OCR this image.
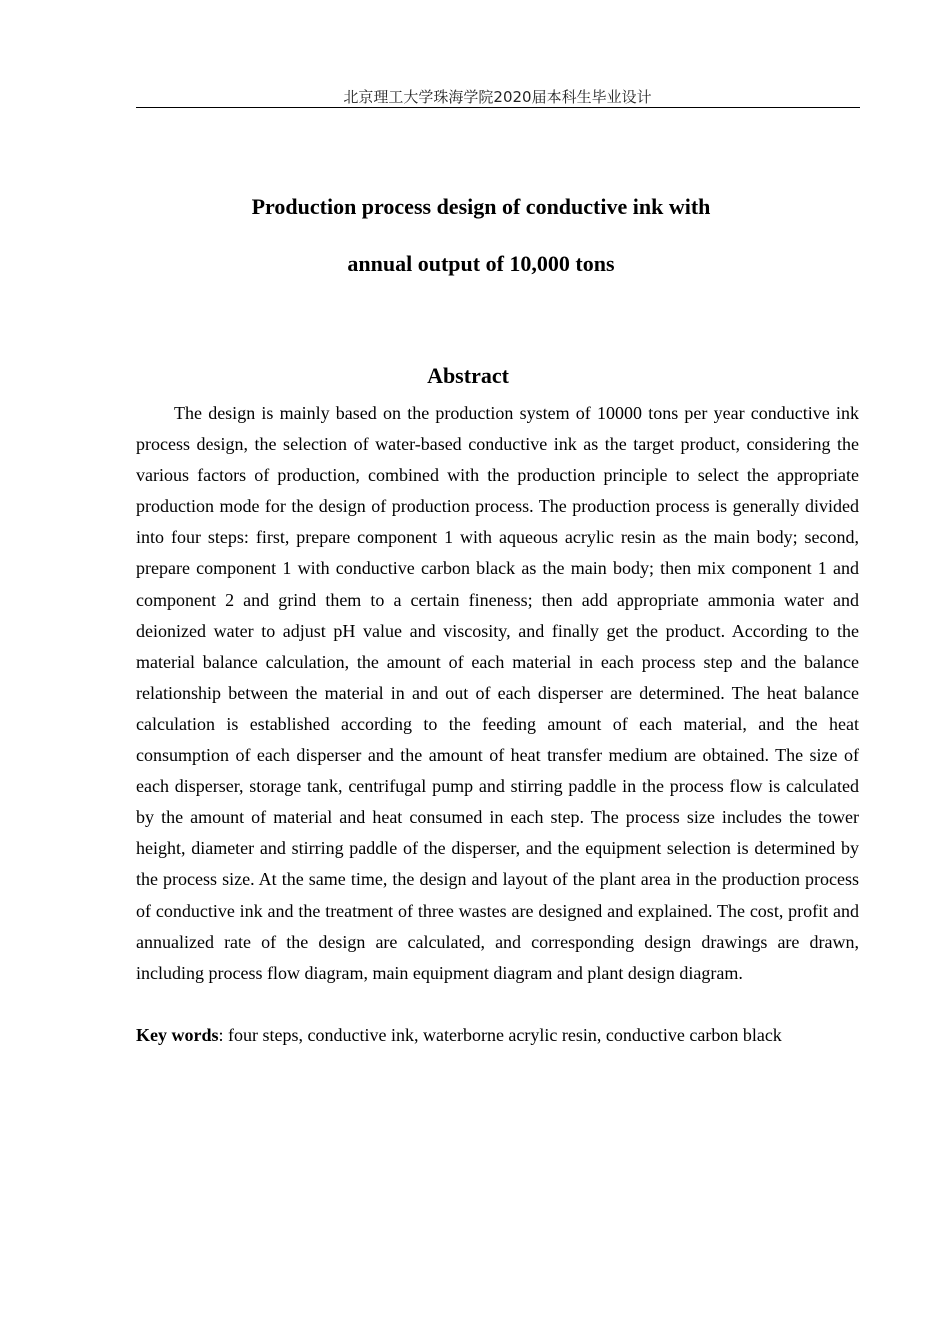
北京理工大学珠海学院2020届本科生毕业设计
Production process design of conductive ink with
annual output of 10,000 tons
Abstract

The design is mainly based on the production system of 10000 tons per year conductive ink process design, the selection of water-based conductive ink as the target product, considering the various factors of production, combined with the production principle to select the appropriate production mode for the design of production process. The production process is generally divided into four steps: first, prepare component 1 with aqueous acrylic resin as the main body; second, prepare component 1 with conductive carbon black as the main body; then mix component 1 and component 2 and grind them to a certain fineness; then add appropriate ammonia water and deionized water to adjust pH value and viscosity, and finally get the product. According to the material balance calculation, the amount of each material in each process step and the balance relationship between the material in and out of each disperser are determined. The heat balance calculation is established according to the feeding amount of each material, and the heat consumption of each disperser and the amount of heat transfer medium are obtained. The size of each disperser, storage tank, centrifugal pump and stirring paddle in the process flow is calculated by the amount of material and heat consumed in each step. The process size includes the tower height, diameter and stirring paddle of the disperser, and the equipment selection is determined by the process size. At the same time, the design and layout of the plant area in the production process of conductive ink and the treatment of three wastes are designed and explained. The cost, profit and annualized rate of the design are calculated, and corresponding design drawings are drawn, including process flow diagram, main equipment diagram and plant design diagram.

Key words: four steps, conductive ink, waterborne acrylic resin, conductive carbon black
